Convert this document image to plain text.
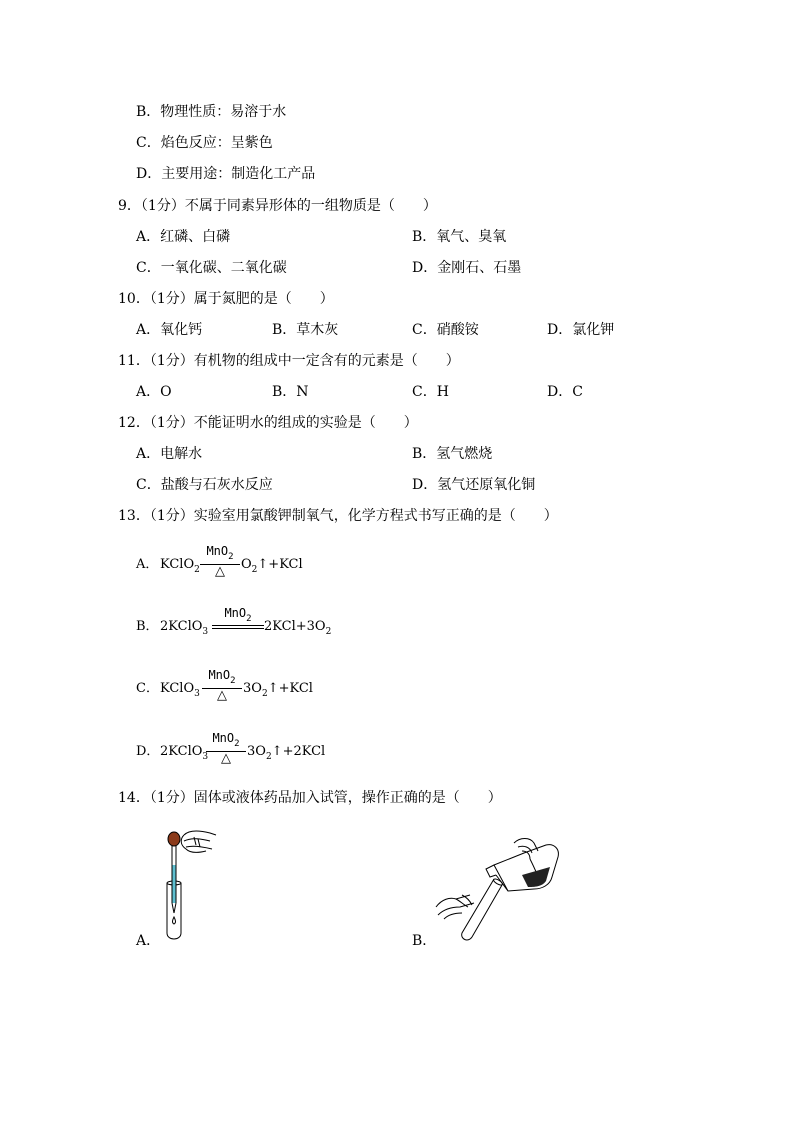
B．物理性质：易溶于水
C．焰色反应：呈紫色
D．主要用途：制造化工产品
9．（1分）不属于同素异形体的一组物质是（　　）
A．红磷、白磷	B．氧气、臭氧
C．一氧化碳、二氧化碳	D．金刚石、石墨
10．（1分）属于氮肥的是（　　）
A．氧化钙	B．草木灰	C．硝酸铵	D．氯化钾
11．（1分）有机物的组成中一定含有的元素是（　　）
A．O	B．N	C．H	D．C
12．（1分）不能证明水的组成的实验是（　　）
A．电解水	B．氢气燃烧
C．盐酸与石灰水反应	D．氢气还原氧化铜
13．（1分）实验室用氯酸钾制氧气，化学方程式书写正确的是（　　）
A． KClO$_2$
MnO$_2$
△	$O_2↑+KCl$
B． 2KClO$_3$
MnO$_2$ $2KCl+3O_2$
C． KClO$_3$
MnO$_2$
△	$3O_2↑+KCl$
D． 2KClO$_3$
MnO$_2$
△	$3O_2↑+2KCl$
14．（1分）固体或液体药品加入试管，操作正确的是（　　）
A．	B．
